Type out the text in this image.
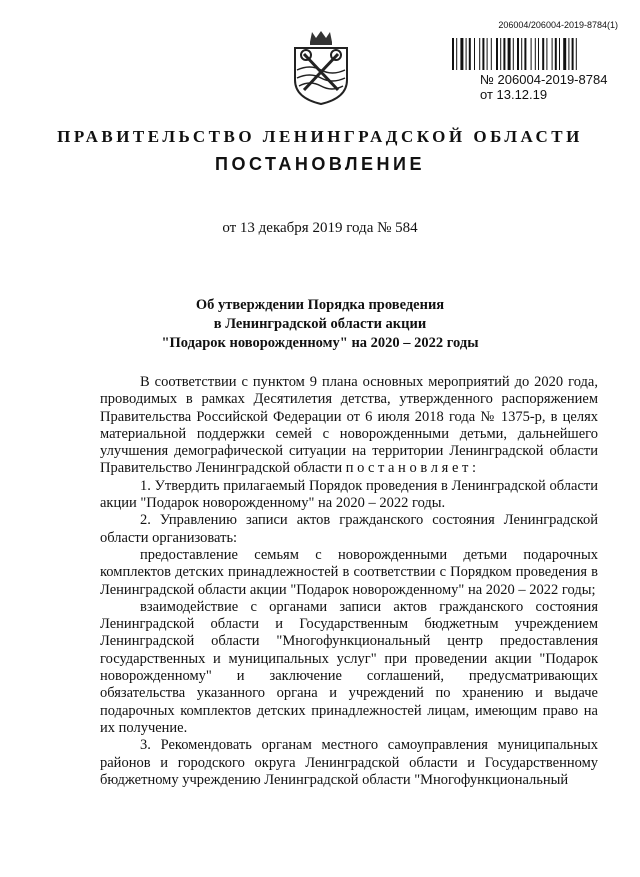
206004/206004-2019-8784(1)
№ 206004-2019-8784
от 13.12.19
ПРАВИТЕЛЬСТВО ЛЕНИНГРАДСКОЙ ОБЛАСТИ
ПОСТАНОВЛЕНИЕ
от 13 декабря 2019 года № 584
Об утверждении Порядка проведения
в Ленинградской области акции
"Подарок новорожденному" на 2020 – 2022 годы

В соответствии с пунктом 9 плана основных мероприятий до 2020 года, проводимых в рамках Десятилетия детства, утвержденного распоряжением Правительства Российской Федерации от 6 июля 2018 года № 1375-р, в целях материальной поддержки семей с новорожденными детьми, дальнейшего улучшения демографической ситуации на территории Ленинградской области Правительство Ленинградской области п о с т а н о в л я е т :

1. Утвердить прилагаемый Порядок проведения в Ленинградской области акции "Подарок новорожденному" на 2020 – 2022 годы.

2. Управлению записи актов гражданского состояния Ленинградской области организовать:

предоставление семьям с новорожденными детьми подарочных комплектов детских принадлежностей в соответствии с Порядком проведения в Ленинградской области акции "Подарок новорожденному" на 2020 – 2022 годы;

взаимодействие с органами записи актов гражданского состояния Ленинградской области и Государственным бюджетным учреждением Ленинградской области "Многофункциональный центр предоставления государственных и муниципальных услуг" при проведении акции "Подарок новорожденному" и заключение соглашений, предусматривающих обязательства указанного органа и учреждений по хранению и выдаче подарочных комплектов детских принадлежностей лицам, имеющим право на их получение.

3. Рекомендовать органам местного самоуправления муниципальных районов и городского округа Ленинградской области и Государственному бюджетному учреждению Ленинградской области "Многофункциональный
